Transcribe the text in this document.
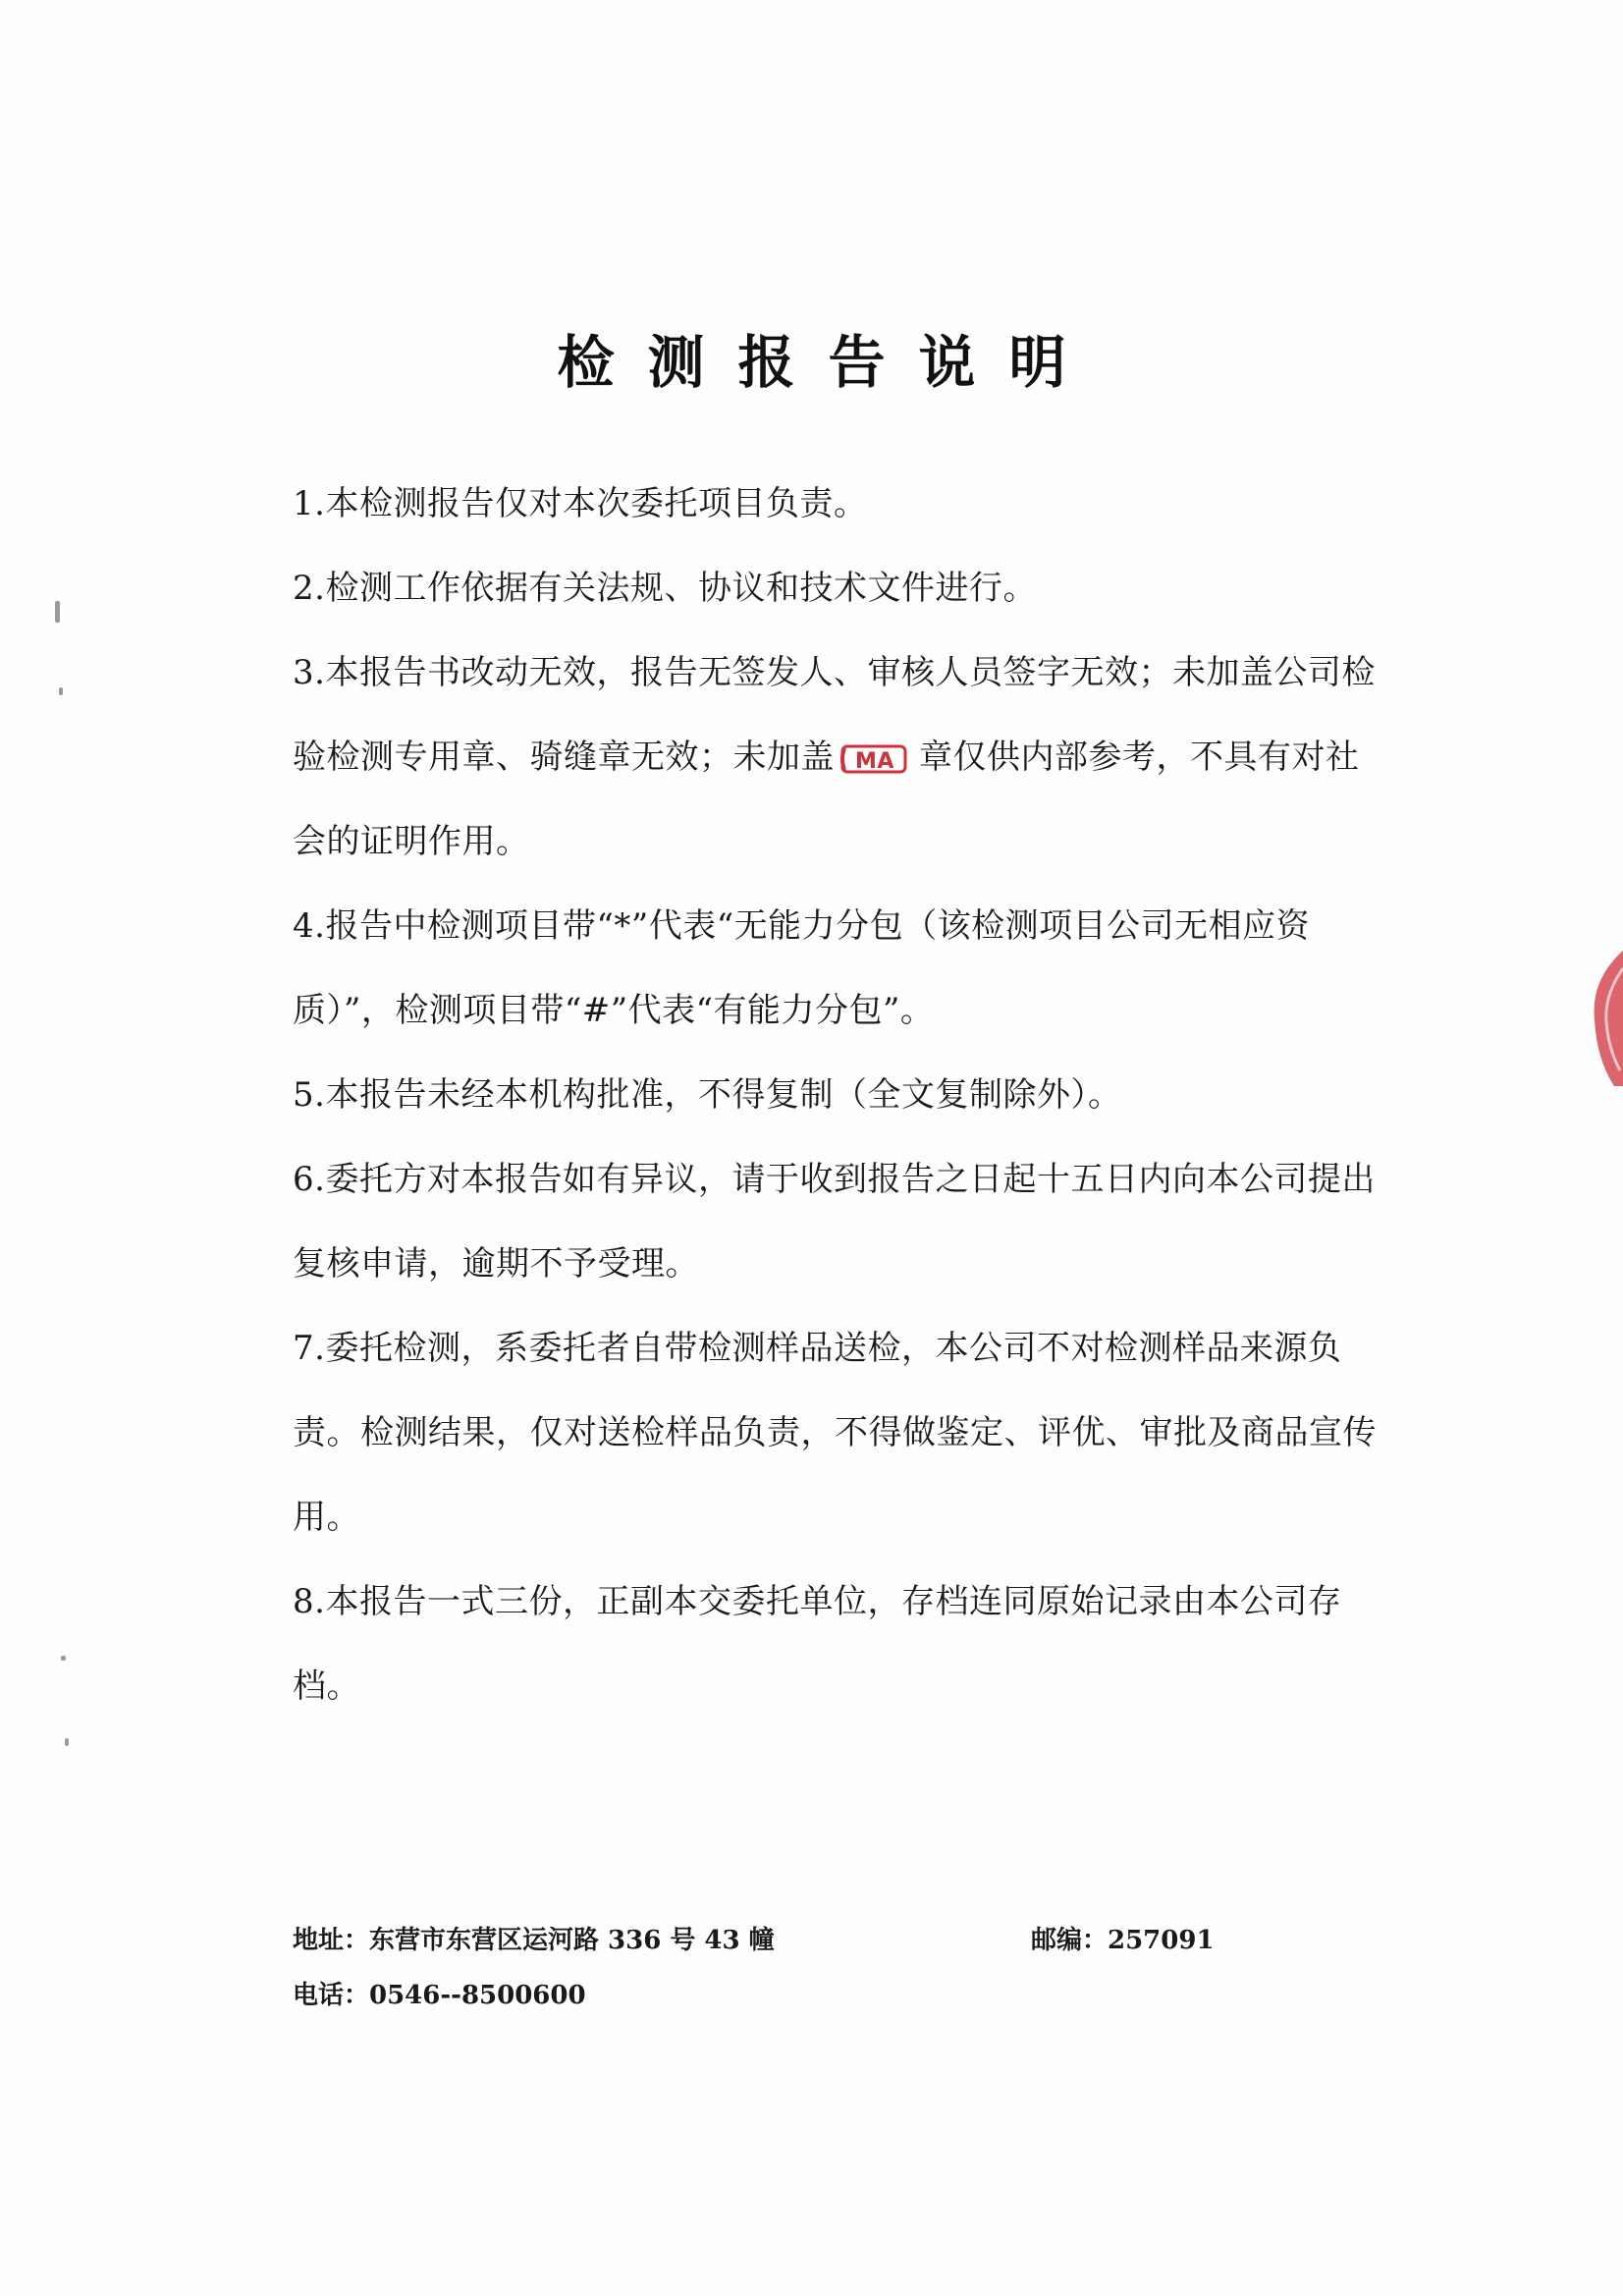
检测报告说明

1.本检测报告仅对本次委托项目负责。

2.检测工作依据有关法规、协议和技术文件进行。

3.本报告书改动无效，报告无签发人、审核人员签字无效；未加盖公司检验检测专用章、骑缝章无效；未加盖 MA 章仅供内部参考，不具有对社会的证明作用。

4.报告中检测项目带“*”代表“无能力分包（该检测项目公司无相应资质）”，检测项目带“#”代表“有能力分包”。

5.本报告未经本机构批准，不得复制（全文复制除外）。

6.委托方对本报告如有异议，请于收到报告之日起十五日内向本公司提出复核申请，逾期不予受理。

7.委托检测，系委托者自带检测样品送检，本公司不对检测样品来源负责。检测结果，仅对送检样品负责，不得做鉴定、评优、审批及商品宣传用。

8.本报告一式三份，正副本交委托单位，存档连同原始记录由本公司存档。

地址：东营市东营区运河路 336 号 43 幢	邮编：257091
电话：0546--8500600
